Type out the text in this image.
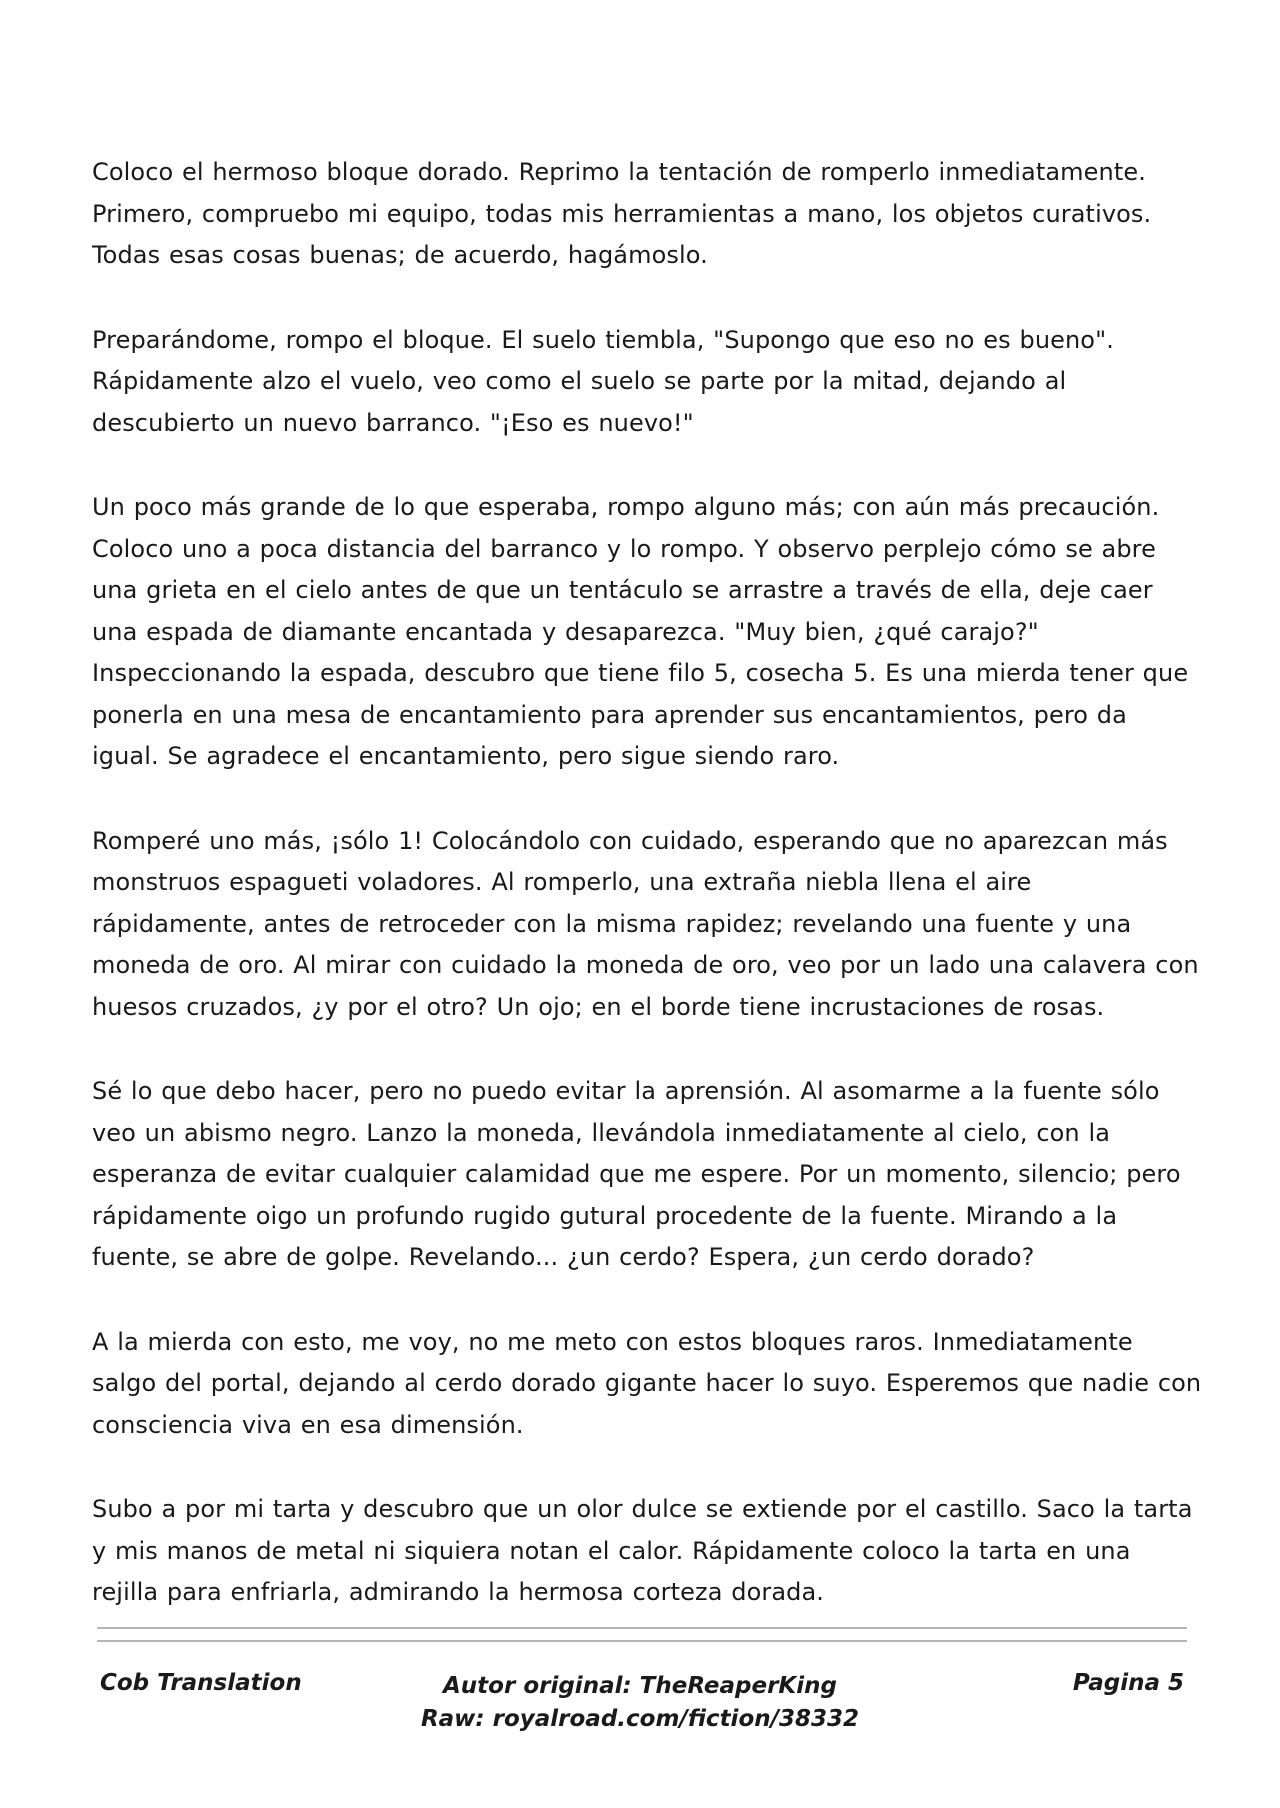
Coloco el hermoso bloque dorado. Reprimo la tentación de romperlo inmediatamente. Primero, compruebo mi equipo, todas mis herramientas a mano, los objetos curativos. Todas esas cosas buenas; de acuerdo, hagámoslo.

Preparándome, rompo el bloque. El suelo tiembla, "Supongo que eso no es bueno". Rápidamente alzo el vuelo, veo como el suelo se parte por la mitad, dejando al descubierto un nuevo barranco. "¡Eso es nuevo!"

Un poco más grande de lo que esperaba, rompo alguno más; con aún más precaución. Coloco uno a poca distancia del barranco y lo rompo. Y observo perplejo cómo se abre una grieta en el cielo antes de que un tentáculo se arrastre a través de ella, deje caer una espada de diamante encantada y desaparezca. "Muy bien, ¿qué carajo?" Inspeccionando la espada, descubro que tiene filo 5, cosecha 5. Es una mierda tener que ponerla en una mesa de encantamiento para aprender sus encantamientos, pero da igual. Se agradece el encantamiento, pero sigue siendo raro.

Romperé uno más, ¡sólo 1! Colocándolo con cuidado, esperando que no aparezcan más monstruos espagueti voladores. Al romperlo, una extraña niebla llena el aire rápidamente, antes de retroceder con la misma rapidez; revelando una fuente y una moneda de oro. Al mirar con cuidado la moneda de oro, veo por un lado una calavera con huesos cruzados, ¿y por el otro? Un ojo; en el borde tiene incrustaciones de rosas.

Sé lo que debo hacer, pero no puedo evitar la aprensión. Al asomarme a la fuente sólo veo un abismo negro. Lanzo la moneda, llevándola inmediatamente al cielo, con la esperanza de evitar cualquier calamidad que me espere. Por un momento, silencio; pero rápidamente oigo un profundo rugido gutural procedente de la fuente. Mirando a la fuente, se abre de golpe. Revelando... ¿un cerdo? Espera, ¿un cerdo dorado?

A la mierda con esto, me voy, no me meto con estos bloques raros. Inmediatamente salgo del portal, dejando al cerdo dorado gigante hacer lo suyo. Esperemos que nadie con consciencia viva en esa dimensión.

Subo a por mi tarta y descubro que un olor dulce se extiende por el castillo. Saco la tarta y mis manos de metal ni siquiera notan el calor. Rápidamente coloco la tarta en una rejilla para enfriarla, admirando la hermosa corteza dorada.

Cob Translation	Autor original: TheReaperKing
Raw: royalroad.com/fiction/38332
Pagina 5
